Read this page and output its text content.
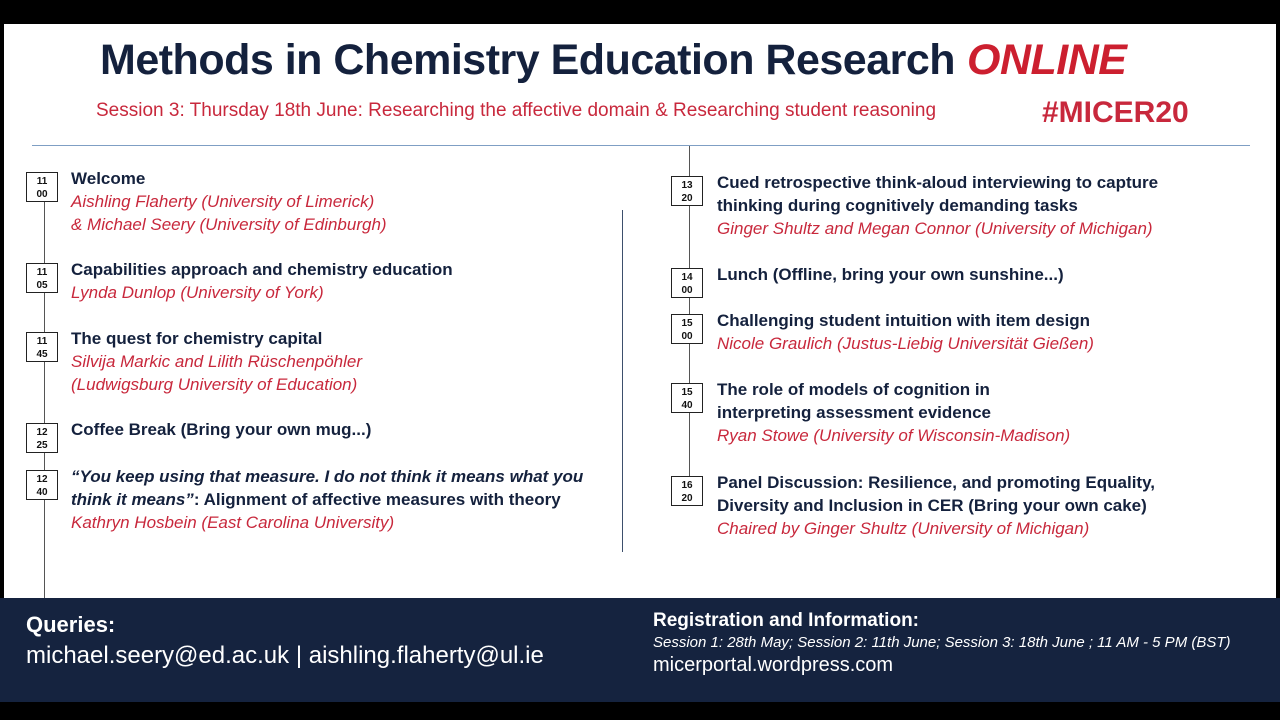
Methods in Chemistry Education Research ONLINE
Session 3: Thursday 18th June: Researching the affective domain & Researching student reasoning	#MICER20
11
00
Welcome
Aishling Flaherty (University of Limerick)
& Michael Seery (University of Edinburgh)
11
05
Capabilities approach and chemistry education
Lynda Dunlop (University of York)
11
45
The quest for chemistry capital
Silvija Markic and Lilith Rüschenpöhler
(Ludwigsburg University of Education)
12
25
Coffee Break (Bring your own mug...)
12
40
“You keep using that measure. I do not think it means what you
think it means”: Alignment of affective measures with theory
Kathryn Hosbein (East Carolina University)
13
20
Cued retrospective think-aloud interviewing to capture
thinking during cognitively demanding tasks
Ginger Shultz and Megan Connor (University of Michigan)
14
00
Lunch (Offline, bring your own sunshine...)
15
00
Challenging student intuition with item design
Nicole Graulich (Justus-Liebig Universität Gießen)
15
40
The role of models of cognition in
interpreting assessment evidence
Ryan Stowe (University of Wisconsin-Madison)
16
20
Panel Discussion: Resilience, and promoting Equality,
Diversity and Inclusion in CER (Bring your own cake)
Chaired by Ginger Shultz (University of Michigan)
Queries:
michael.seery@ed.ac.uk | aishling.flaherty@ul.ie
Registration and Information:
Session 1: 28th May; Session 2: 11th June; Session 3: 18th June ; 11 AM - 5 PM (BST)
micerportal.wordpress.com
